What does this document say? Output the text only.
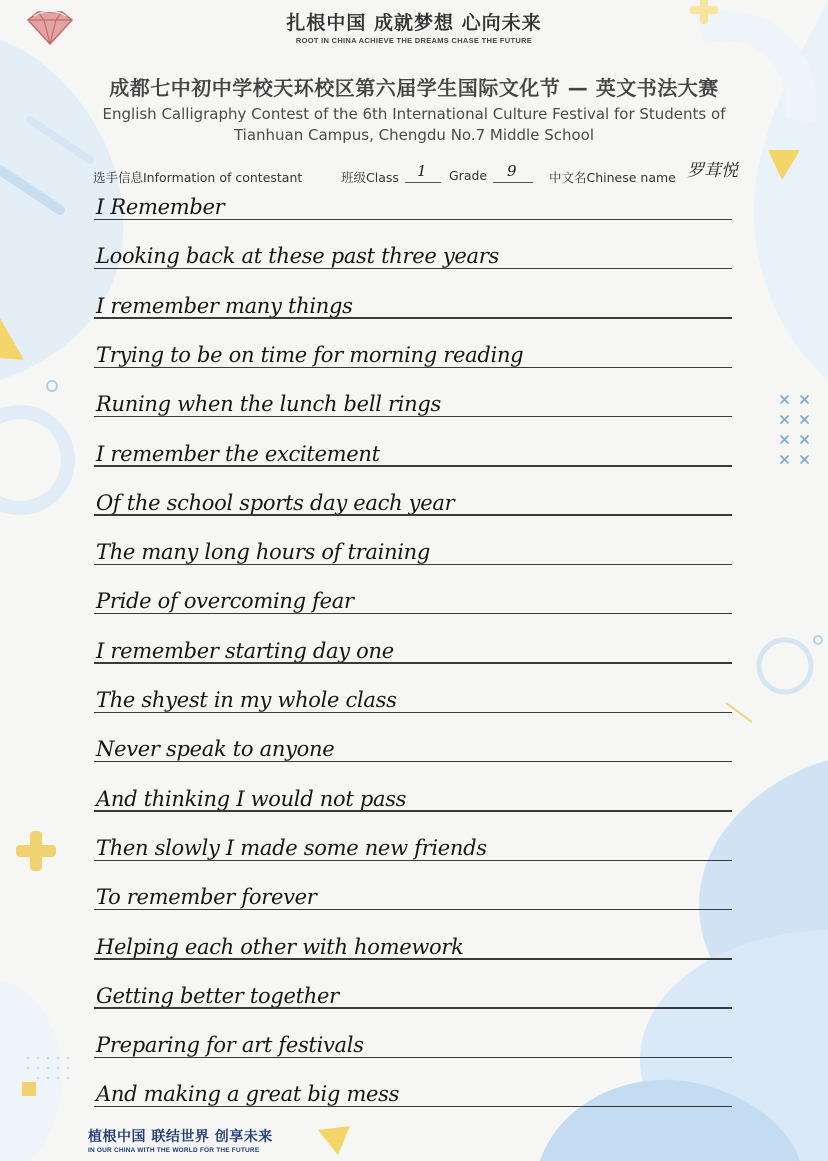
扎根中国 成就梦想 心向未来
ROOT IN CHINA ACHIEVE THE DREAMS CHASE THE FUTURE
成都七中初中学校天环校区第六届学生国际文化节 — 英文书法大赛
English Calligraphy Contest of the 6th International Culture Festival for Students of
Tianhuan Campus, Chengdu No.7 Middle School
选手信息Information of contestant	班级Class 1 Grade 9	中文名Chinese name 罗茸悦
I Remember
Looking back at these past three years
I remember many things
Trying to be on time for morning reading
Runing when the lunch bell rings
I remember the excitement
Of the school sports day each year
The many long hours of training
Pride of overcoming fear
I remember starting day one
The shyest in my whole class
Never speak to anyone
And thinking I would not pass
Then slowly I made some new friends
To remember forever
Helping each other with homework
Getting better together
Preparing for art festivals
And making a great big mess
植根中国 联结世界 创享未来
IN OUR CHINA WITH THE WORLD FOR THE FUTURE
